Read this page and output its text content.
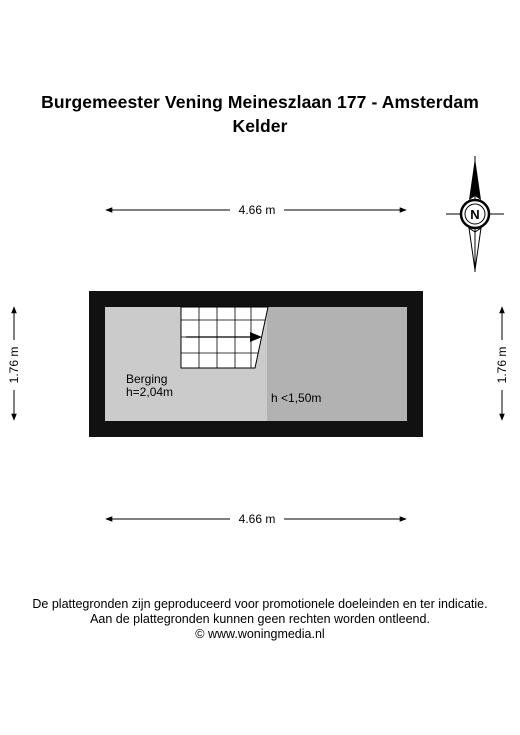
Burgemeester Vening Meineszlaan 177 - Amsterdam
Kelder
4.66 m
4.66 m
1.76 m	1.76 m
N
Berging
h=2,04m	h <1,50m
De plattegronden zijn geproduceerd voor promotionele doeleinden en ter indicatie.
Aan de plattegronden kunnen geen rechten worden ontleend.
© www.woningmedia.nl
